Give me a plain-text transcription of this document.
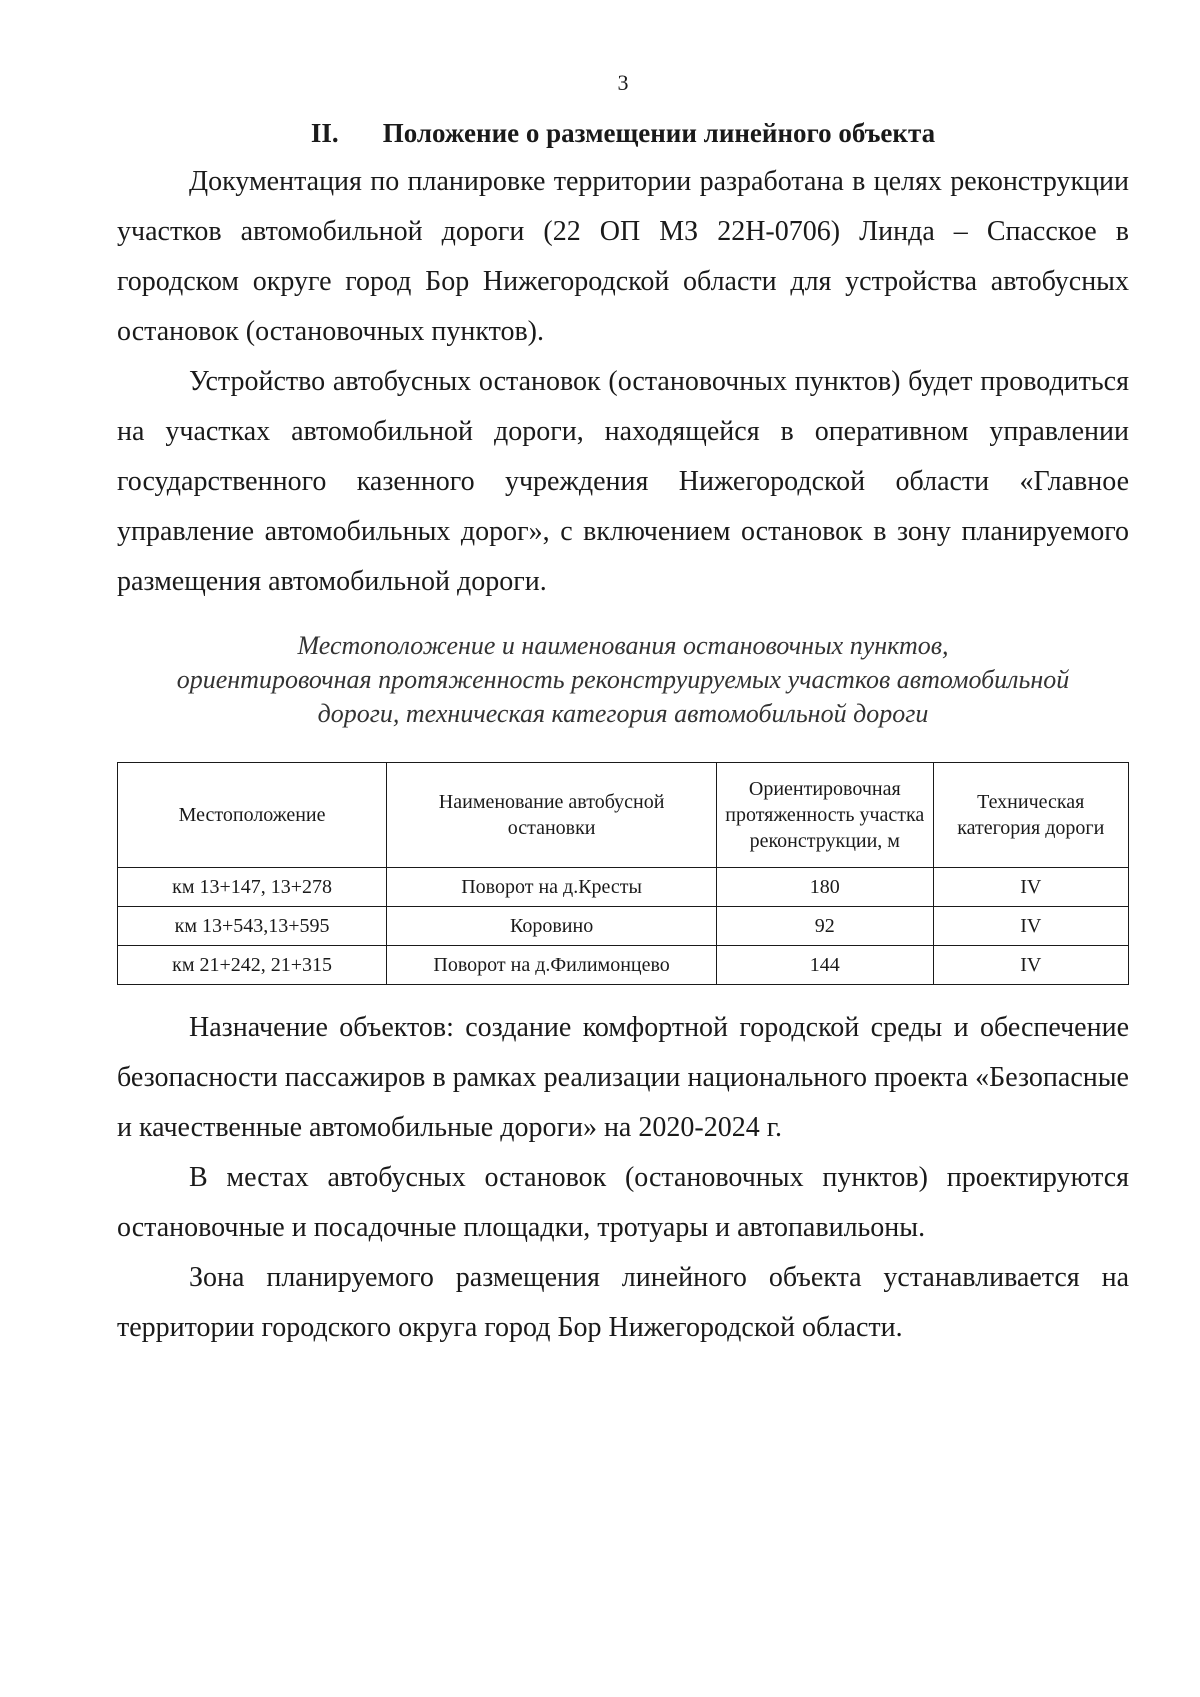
3
II. Положение о размещении линейного объекта

Документация по планировке территории разработана в целях реконструкции участков автомобильной дороги (22 ОП МЗ 22Н-0706) Линда – Спасское в городском округе город Бор Нижегородской области для устройства автобусных остановок (остановочных пунктов).

Устройство автобусных остановок (остановочных пунктов) будет проводиться на участках автомобильной дороги, находящейся в оперативном управлении государственного казенного учреждения Нижегородской области «Главное управление автомобильных дорог», с включением остановок в зону планируемого размещения автомобильной дороги.

Местоположение и наименования остановочных пунктов,
ориентировочная протяженность реконструируемых участков автомобильной
дороги, техническая категория автомобильной дороги
Местоположение	Наименование автобусной остановки	Ориентировочная протяженность участка реконструкции, м	Техническая категория дороги
км 13+147, 13+278	Поворот на д.Кресты	180	IV
км 13+543,13+595	Коровино	92	IV
км 21+242, 21+315	Поворот на д.Филимонцево	144	IV

Назначение объектов: создание комфортной городской среды и обеспечение безопасности пассажиров в рамках реализации национального проекта «Безопасные и качественные автомобильные дороги» на 2020-2024 г.

В местах автобусных остановок (остановочных пунктов) проектируются остановочные и посадочные площадки, тротуары и автопавильоны.

Зона планируемого размещения линейного объекта устанавливается на территории городского округа город Бор Нижегородской области.
